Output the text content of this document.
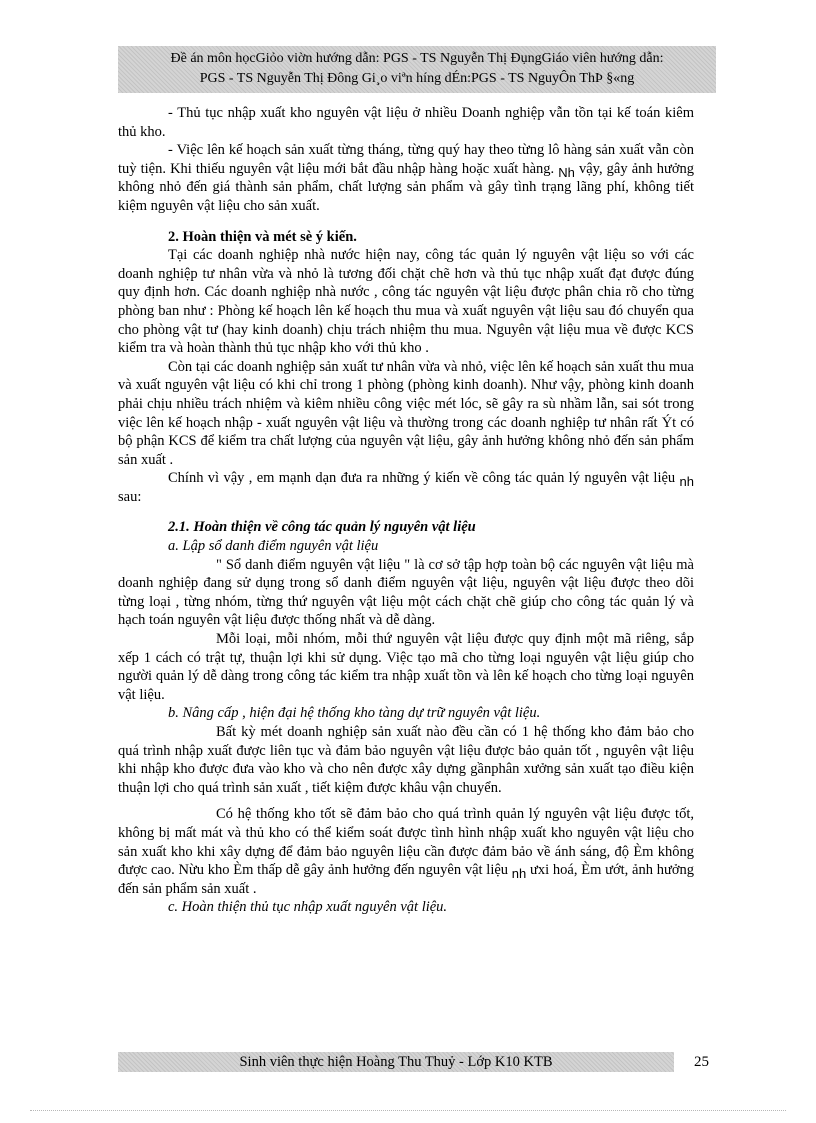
Đề án môn họcGiỏo viờn hướng dẫn: PGS - TS Nguyễn Thị ĐụngGiáo viên hướng dẫn:
PGS - TS Nguyễn Thị Đông Gi¸o viªn híng dÉn:PGS - TS NguyÔn ThÞ §«ng

- Thủ tục nhập xuất kho nguyên vật liệu ở nhiều Doanh nghiệp vẫn tồn tại kế toán kiêm thủ kho.

- Việc lên kế hoạch sản xuất từng tháng, từng quý hay theo từng lô hàng sản xuất vẫn còn tuỳ tiện. Khi thiếu nguyên vật liệu mới bắt đầu nhập hàng hoặc xuất hàng. Nh vậy, gây ảnh hưởng không nhỏ đến giá thành sản phẩm, chất lượng sản phẩm và gây tình trạng lãng phí, không tiết kiệm nguyên vật liệu cho sản xuất.

2. Hoàn thiện và mét sè ý kiến.

Tại các doanh nghiệp nhà nước hiện nay, công tác quản lý nguyên vật liệu so với các doanh nghiệp tư nhân vừa và nhỏ là tương đối chặt chẽ hơn và thủ tục nhập xuất đạt được đúng quy định hơn. Các doanh nghiệp nhà nước , công tác nguyên vật liệu được phân chia rõ cho từng phòng ban như : Phòng kế hoạch lên kế hoạch thu mua và xuất nguyên vật liệu sau đó chuyển qua cho phòng vật tư (hay kinh doanh) chịu trách nhiệm thu mua. Nguyên vật liệu mua về được KCS kiểm tra và hoàn thành thủ tục nhập kho với thủ kho .

Còn tại các doanh nghiệp sản xuất tư nhân vừa và nhỏ, việc lên kế hoạch sản xuất thu mua và xuất nguyên vật liệu có khi chỉ trong 1 phòng (phòng kinh doanh). Như vậy, phòng kinh doanh phải chịu nhiều trách nhiệm và kiêm nhiều công việc mét lóc, sẽ gây ra sù nhầm lẫn, sai sót trong việc lên kế hoạch nhập - xuất nguyên vật liệu và thường trong các doanh nghiệp tư nhân rất Ýt có bộ phận KCS để kiểm tra chất lượng của nguyên vật liệu, gây ảnh hưởng không nhỏ đến sản phẩm sản xuất .

Chính vì vậy , em mạnh dạn đưa ra những ý kiến về công tác quản lý nguyên vật liệu nh sau:

2.1. Hoàn thiện về công tác quản lý nguyên vật liệu

a. Lập sổ danh điểm nguyên vật liệu

" Sổ danh điểm nguyên vật liệu " là cơ sở tập hợp toàn bộ các nguyên vật liệu mà doanh nghiệp đang sử dụng trong sổ danh điểm nguyên vật liệu, nguyên vật liệu được theo dõi từng loại , từng nhóm, từng thứ nguyên vật liệu một cách chặt chẽ giúp cho công tác quản lý và hạch toán nguyên vật liệu được thống nhất và dễ dàng.

Mỗi loại, mỗi nhóm, mỗi thứ nguyên vật liệu được quy định một mã riêng, sắp xếp 1 cách có trật tự, thuận lợi khi sử dụng. Việc tạo mã cho từng loại nguyên vật liệu giúp cho người quản lý dễ dàng trong công tác kiểm tra nhập xuất tồn và lên kế hoạch cho từng loại nguyên vật liệu.

b. Nâng cấp , hiện đại hệ thống kho tàng dự trữ nguyên vật liệu.

Bất kỳ mét doanh nghiệp sản xuất nào đều cần có 1 hệ thống kho đảm bảo cho quá trình nhập xuất được liên tục và đảm bảo nguyên vật liệu được bảo quản tốt , nguyên vật liệu khi nhập kho được đưa vào kho và cho nên được xây dựng gầnphân xưởng sản xuất tạo điều kiện thuận lợi cho quá trình sản xuất , tiết kiệm được khâu vận chuyển.

Có hệ thống kho tốt sẽ đảm bảo cho quá trình quản lý nguyên vật liệu được tốt, không bị mất mát và thủ kho có thể kiểm soát được tình hình nhập xuất kho nguyên vật liệu cho sản xuất kho khi xây dựng để đảm bảo nguyên liệu cần được đảm bảo về ánh sáng, độ Èm không được cao. Nừu kho Èm thấp dễ gây ảnh hưởng đến nguyên vật liệu nh ưxi hoá, Èm ướt, ảnh hưởng đến sản phẩm sản xuất .

c. Hoàn thiện thủ tục nhập xuất nguyên vật liệu.

Sinh viên thực hiện Hoàng Thu Thuỷ - Lớp K10 KTB	25
